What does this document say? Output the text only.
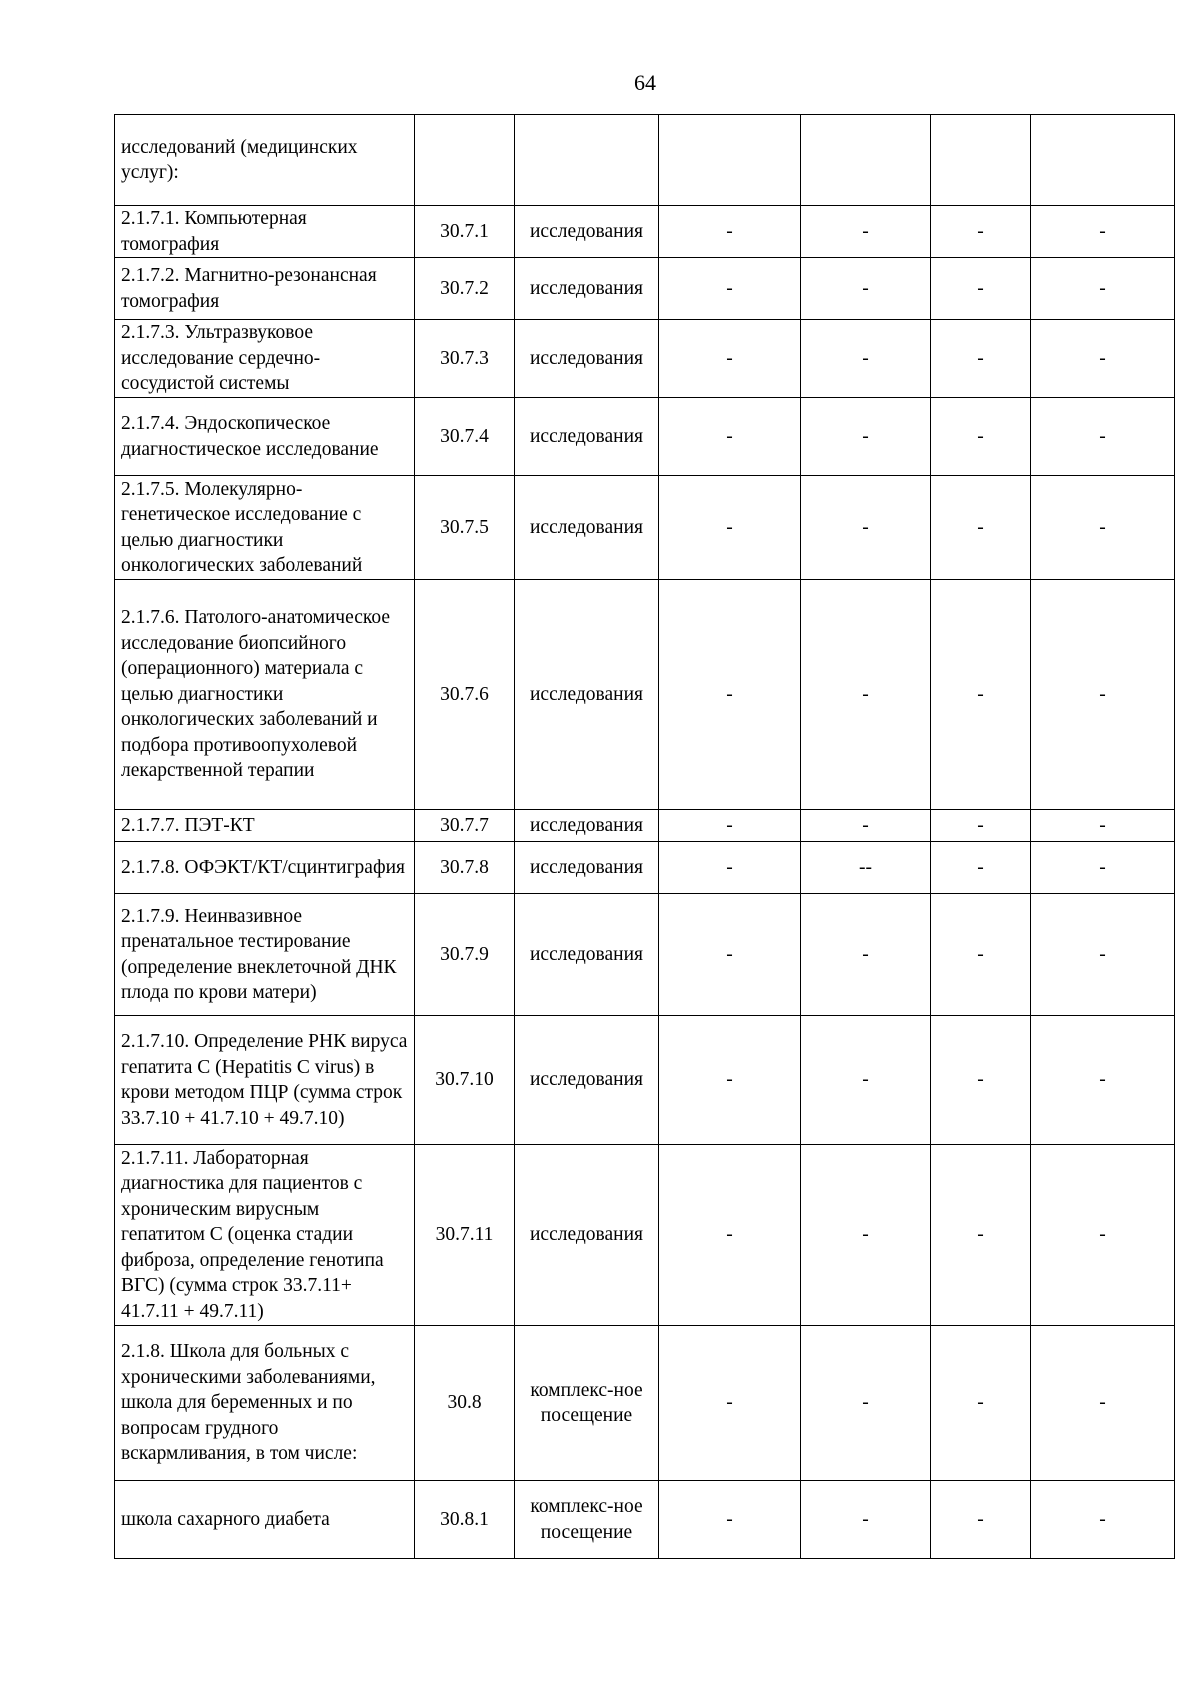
64
исследований (медицинских услуг):						
2.1.7.1. Компьютерная томография	30.7.1	исследования	-	-	-	-
2.1.7.2. Магнитно-резонансная томография	30.7.2	исследования	-	-	-	-
2.1.7.3. Ультразвуковое исследование сердечно-сосудистой системы	30.7.3	исследования	-	-	-	-
2.1.7.4. Эндоскопическое диагностическое исследование	30.7.4	исследования	-	-	-	-
2.1.7.5. Молекулярно-генетическое исследование с целью диагностики онкологических заболеваний	30.7.5	исследования	-	-	-	-
2.1.7.6. Патолого-анатомическое исследование биопсийного (операционного) материала с целью диагностики онкологических заболеваний и подбора противоопухолевой лекарственной терапии	30.7.6	исследования	-	-	-	-
2.1.7.7. ПЭТ-КТ	30.7.7	исследования	-	-	-	-
2.1.7.8. ОФЭКТ/КТ/сцинтиграфия	30.7.8	исследования	-	--	-	-
2.1.7.9. Неинвазивное пренатальное тестирование (определение внеклеточной ДНК плода по крови матери)	30.7.9	исследования	-	-	-	-
2.1.7.10. Определение РНК вируса гепатита С (Hepatitis C virus) в крови методом ПЦР (сумма строк 33.7.10 + 41.7.10 + 49.7.10)	30.7.10	исследования	-	-	-	-
2.1.7.11. Лабораторная диагностика для пациентов с хроническим вирусным гепатитом С (оценка стадии фиброза, определение генотипа ВГС) (сумма строк 33.7.11+ 41.7.11 + 49.7.11)	30.7.11	исследования	-	-	-	-
2.1.8. Школа для больных с хроническими заболеваниями, школа для беременных и по вопросам грудного вскармливания, в том числе:	30.8	комплекс-ное посещение	-	-	-	-
школа сахарного диабета	30.8.1	комплекс-ное посещение	-	-	-	-
